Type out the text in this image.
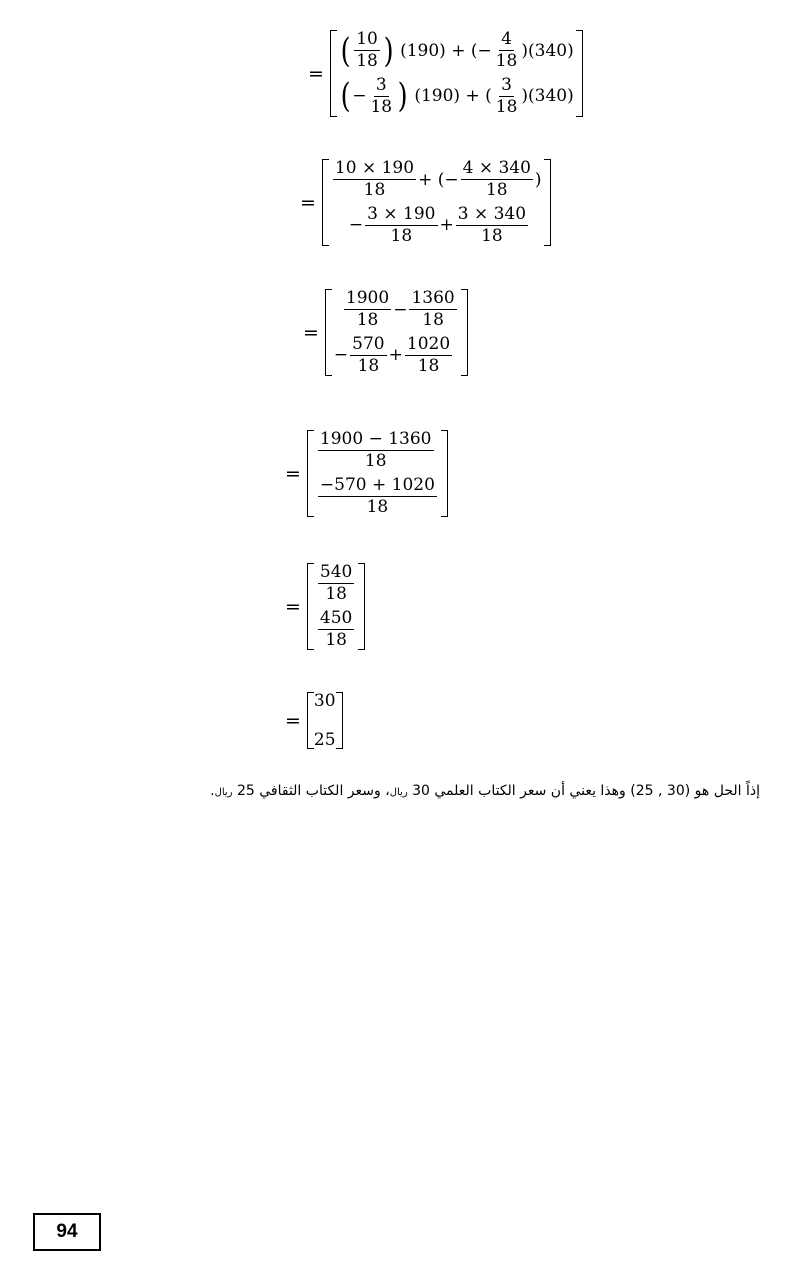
=
( $\frac{10}{18}$ ) (190) + (− $\frac{4}{18} )(340)$
( − $\frac{3}{18}$ ) (190) + ( $\frac{3}{18} )(340)$
=
$\frac{10 \times 190}{18}$ + (− $\frac{4 \times 340}{18}$ )
− $\frac{3 \times 190}{18} + \frac{3 \times 340}{18}$
=
$\frac{1900}{18} - \frac{1360}{18}$
− $\frac{570}{18} + \frac{1020}{18}$
=
$\frac{1900 - 1360}{18}$
$\frac{-570 + 1020}{18}$
=
$\frac{540}{18}$
$\frac{450}{18}$
=
30
25
إذاً الحل هو (30 , 25) وهذا يعني أن سعر الكتاب العلمي 30 ريال، وسعر الكتاب الثقافي 25 ريال.
94
